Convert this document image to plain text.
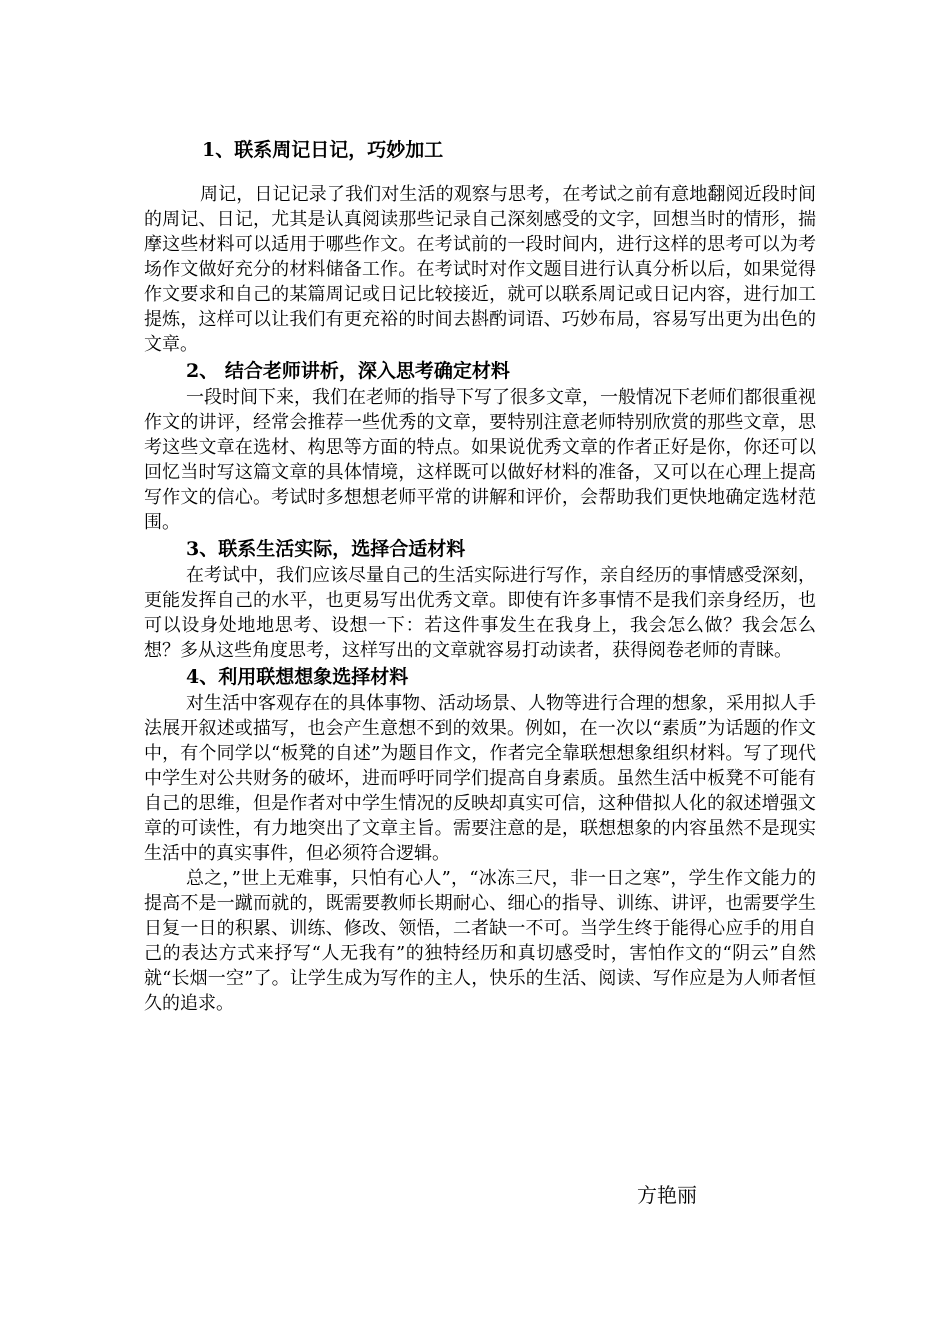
1、联系周记日记，巧妙加工

周记，日记记录了我们对生活的观察与思考，在考试之前有意地翻阅近段时间的周记、日记，尤其是认真阅读那些记录自己深刻感受的文字，回想当时的情形，揣摩这些材料可以适用于哪些作文。在考试前的一段时间内，进行这样的思考可以为考场作文做好充分的材料储备工作。在考试时对作文题目进行认真分析以后，如果觉得作文要求和自己的某篇周记或日记比较接近，就可以联系周记或日记内容，进行加工提炼，这样可以让我们有更充裕的时间去斟酌词语、巧妙布局，容易写出更为出色的文章。

2、 结合老师讲析，深入思考确定材料

一段时间下来，我们在老师的指导下写了很多文章，一般情况下老师们都很重视作文的讲评，经常会推荐一些优秀的文章，要特别注意老师特别欣赏的那些文章，思考这些文章在选材、构思等方面的特点。如果说优秀文章的作者正好是你，你还可以回忆当时写这篇文章的具体情境，这样既可以做好材料的准备，又可以在心理上提高写作文的信心。考试时多想想老师平常的讲解和评价，会帮助我们更快地确定选材范围。

3、联系生活实际，选择合适材料

在考试中，我们应该尽量自己的生活实际进行写作，亲自经历的事情感受深刻，更能发挥自己的水平，也更易写出优秀文章。即使有许多事情不是我们亲身经历，也可以设身处地地思考、设想一下：若这件事发生在我身上，我会怎么做？我会怎么想？多从这些角度思考，这样写出的文章就容易打动读者，获得阅卷老师的青睐。

4、利用联想想象选择材料

对生活中客观存在的具体事物、活动场景、人物等进行合理的想象，采用拟人手法展开叙述或描写，也会产生意想不到的效果。例如，在一次以“素质”为话题的作文中，有个同学以“板凳的自述”为题目作文，作者完全靠联想想象组织材料。写了现代中学生对公共财务的破坏，进而呼吁同学们提高自身素质。虽然生活中板凳不可能有自己的思维，但是作者对中学生情况的反映却真实可信，这种借拟人化的叙述增强文章的可读性，有力地突出了文章主旨。需要注意的是，联想想象的内容虽然不是现实生活中的真实事件，但必须符合逻辑。

总之，”世上无难事，只怕有心人”，“冰冻三尺，非一日之寒”，学生作文能力的提高不是一蹴而就的，既需要教师长期耐心、细心的指导、训练、讲评，也需要学生日复一日的积累、训练、修改、领悟，二者缺一不可。当学生终于能得心应手的用自己的表达方式来抒写“人无我有”的独特经历和真切感受时，害怕作文的“阴云”自然就“长烟一空”了。让学生成为写作的主人，快乐的生活、阅读、写作应是为人师者恒久的追求。

方艳丽
